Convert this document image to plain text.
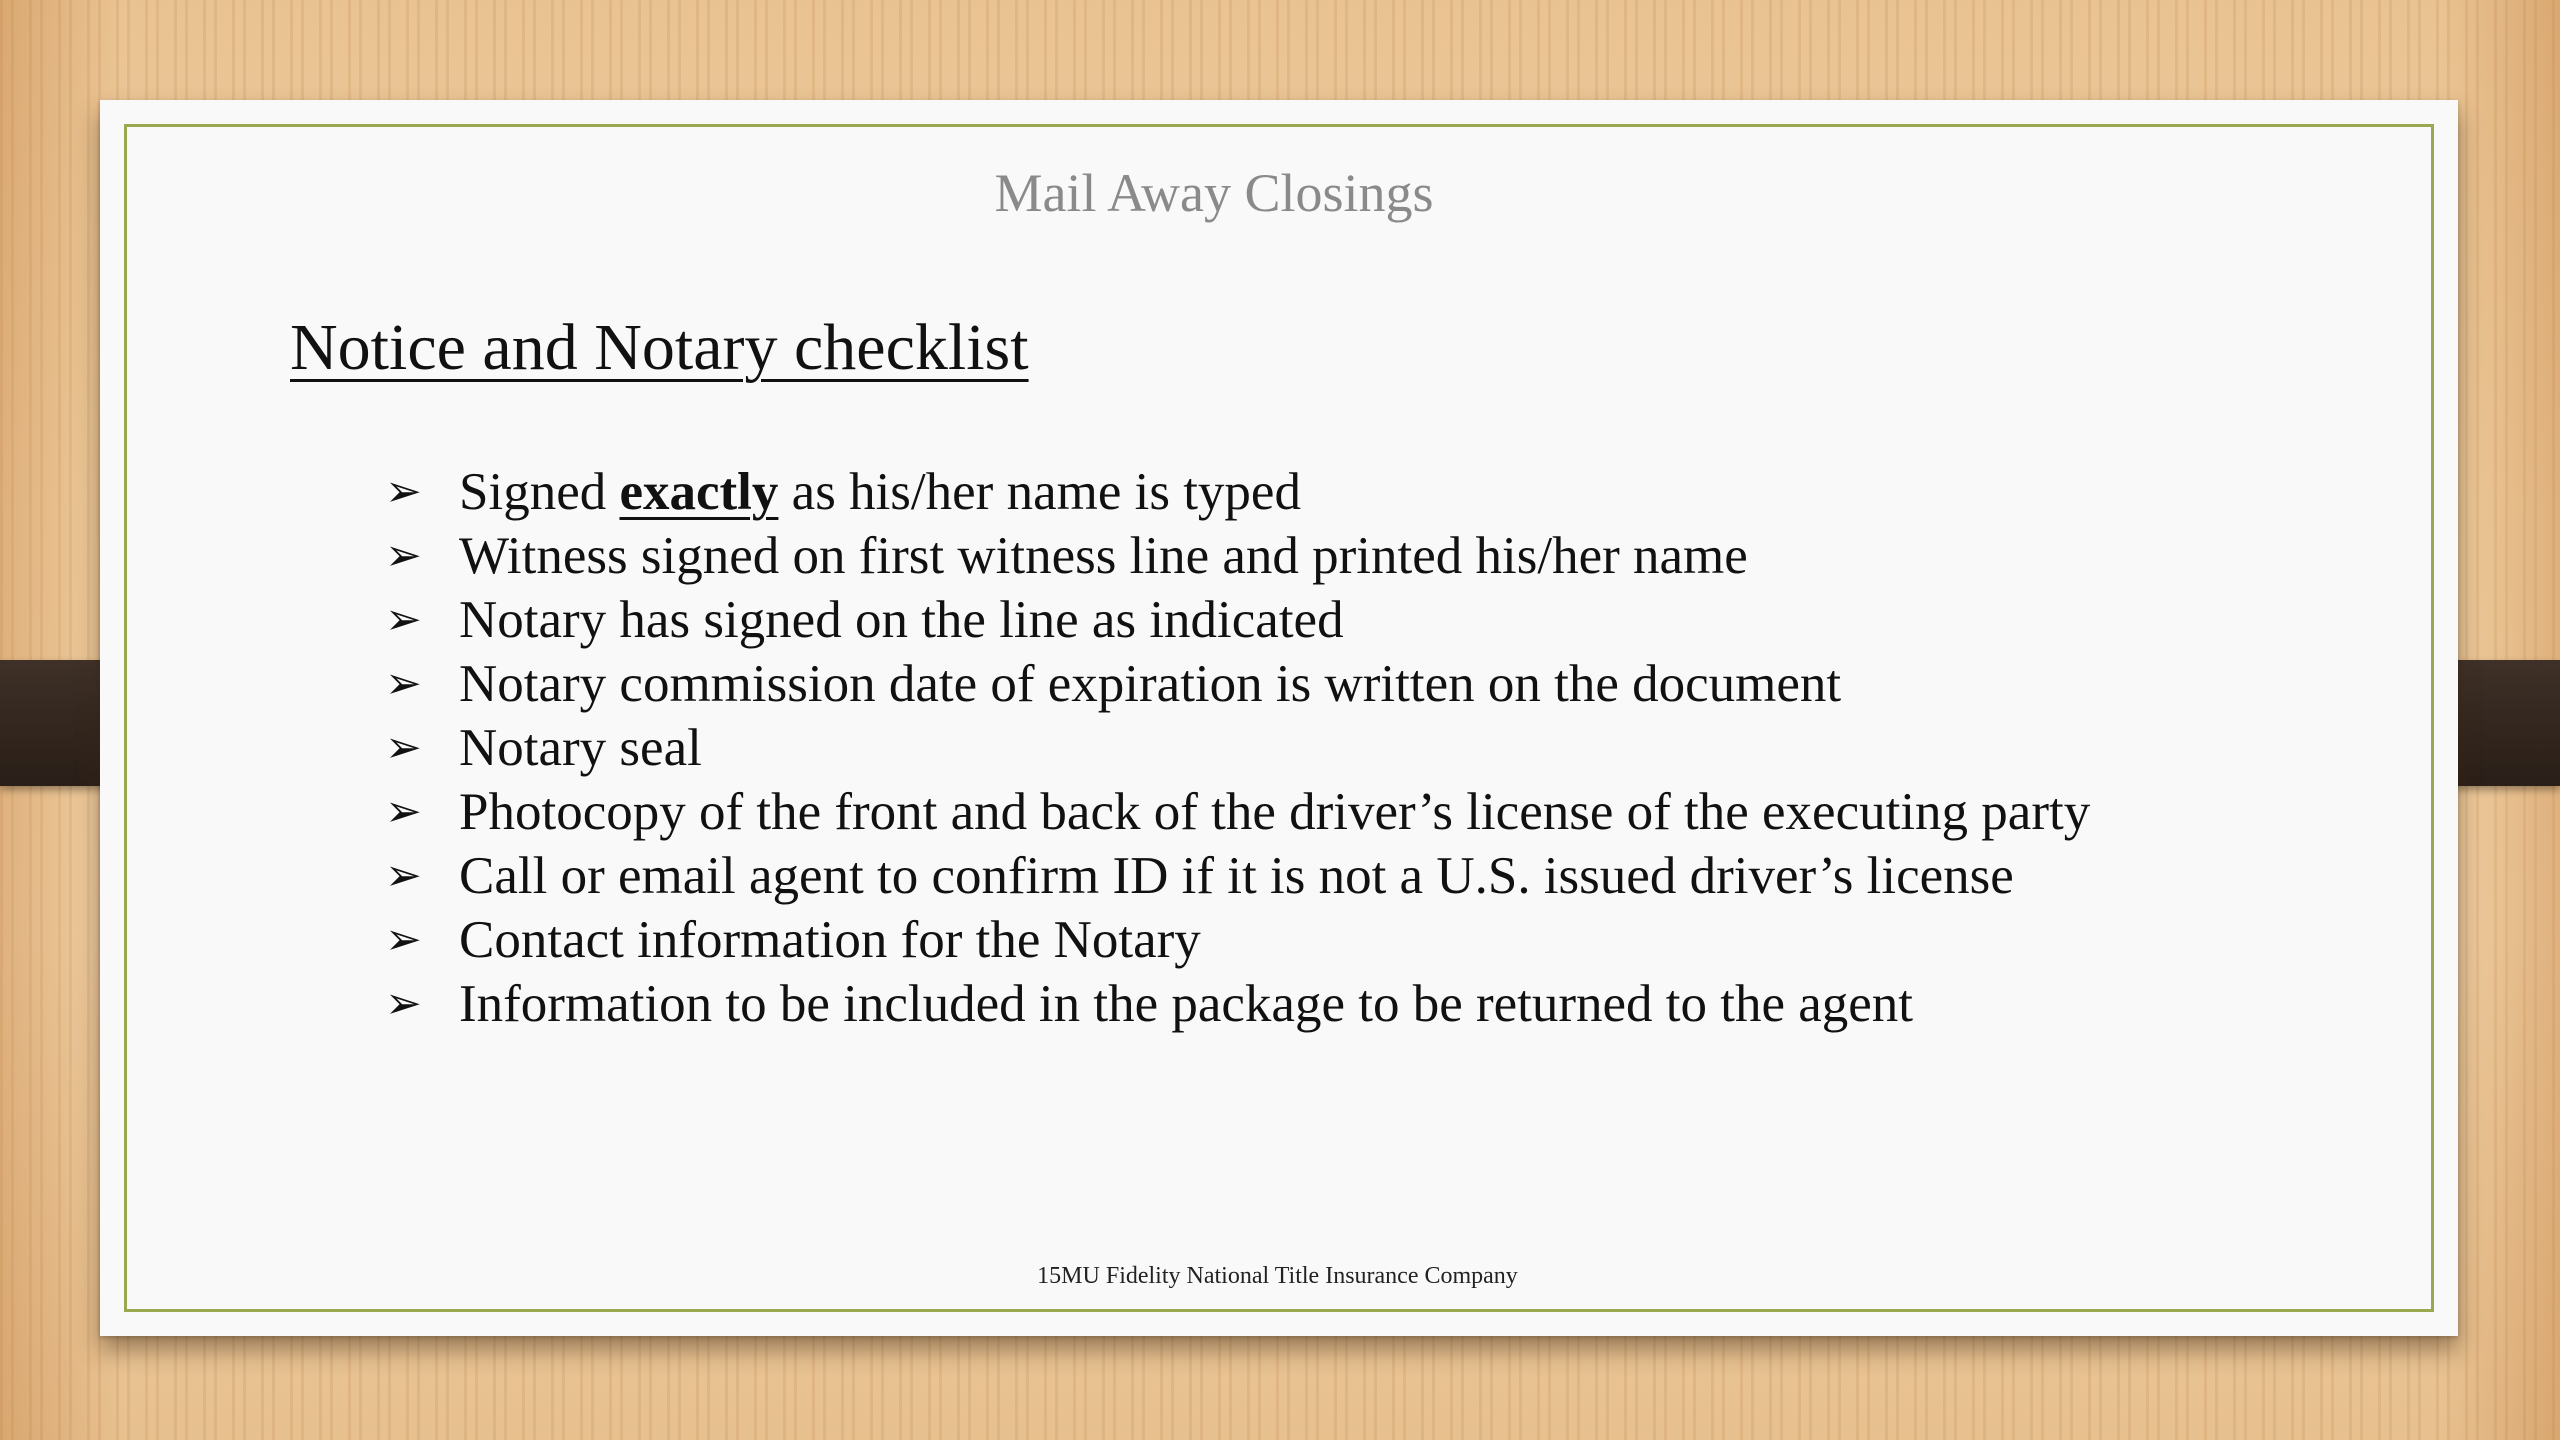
Mail Away Closings
Notice and Notary checklist
➢ Signed exactly as his/her name is typed
➢ Witness signed on first witness line and printed his/her name
➢ Notary has signed on the line as indicated
➢ Notary commission date of expiration is written on the document
➢ Notary seal
➢ Photocopy of the front and back of the driver’s license of the executing party
➢ Call or email agent to confirm ID if it is not a U.S. issued driver’s license
➢ Contact information for the Notary
➢ Information to be included in the package to be returned to the agent
15MU Fidelity National Title Insurance Company
